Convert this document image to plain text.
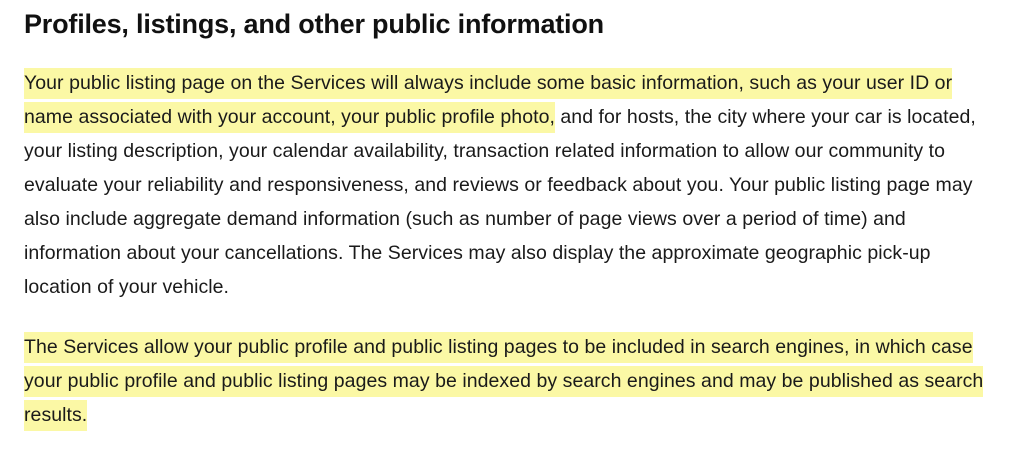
Profiles, listings, and other public information

Your public listing page on the Services will always include some basic information, such as your user ID or name associated with your account, your public profile photo, and for hosts, the city where your car is located, your listing description, your calendar availability, transaction related information to allow our community to evaluate your reliability and responsiveness, and reviews or feedback about you. Your public listing page may also include aggregate demand information (such as number of page views over a period of time) and information about your cancellations. The Services may also display the approximate geographic pick-up location of your vehicle.

The Services allow your public profile and public listing pages to be included in search engines, in which case your public profile and public listing pages may be indexed by search engines and may be published as search results.
